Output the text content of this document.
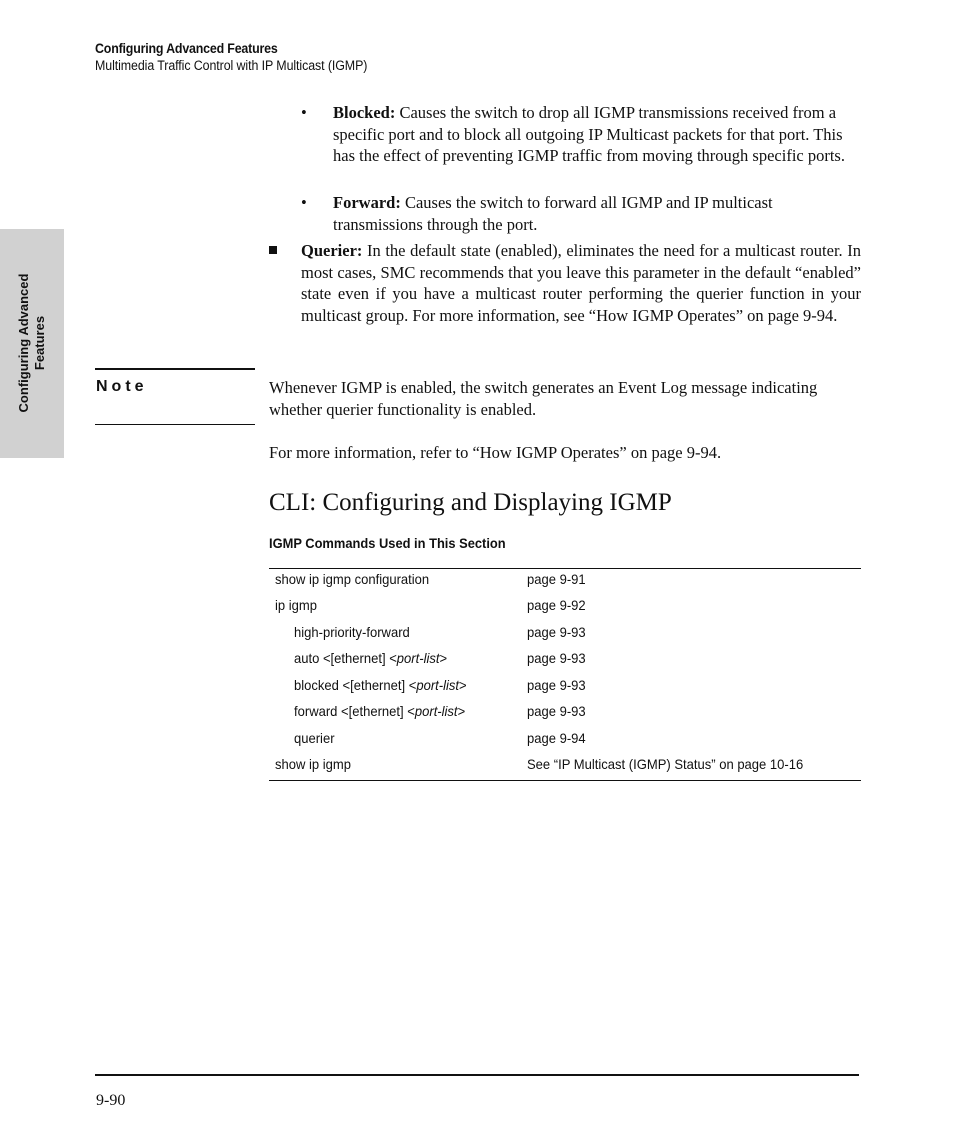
Configuring Advanced Features
Multimedia Traffic Control with IP Multicast (IGMP)
Configuring Advanced Features
• Blocked: Causes the switch to drop all IGMP transmissions received from a specific port and to block all outgoing IP Multicast packets for that port. This has the effect of preventing IGMP traffic from moving through specific ports.
• Forward: Causes the switch to forward all IGMP and IP multicast transmissions through the port.
Querier: In the default state (enabled), eliminates the need for a multicast router. In most cases, SMC recommends that you leave this parameter in the default “enabled” state even if you have a multicast router performing the querier function in your multicast group. For more information, see “How IGMP Operates” on page 9-94.
Note	Whenever IGMP is enabled, the switch generates an Event Log message indicating whether querier functionality is enabled.
For more information, refer to “How IGMP Operates” on page 9-94.
CLI: Configuring and Displaying IGMP
IGMP Commands Used in This Section
show ip igmp configuration	page 9-91
ip igmp	page 9-92
high-priority-forward	page 9-93
auto <[ethernet] <port-list>	page 9-93
blocked <[ethernet] <port-list>	page 9-93
forward <[ethernet] <port-list>	page 9-93
querier	page 9-94
show ip igmp	See “IP Multicast (IGMP) Status” on page 10-16
9-90
